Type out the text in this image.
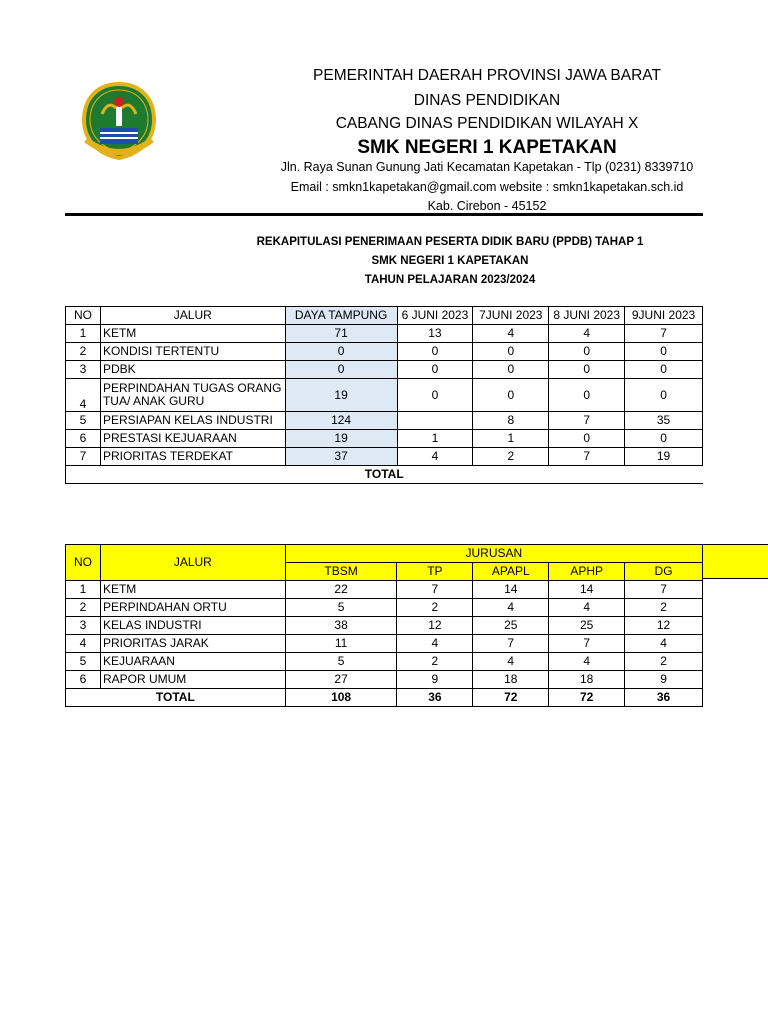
PEMERINTAH DAERAH PROVINSI JAWA BARAT
DINAS PENDIDIKAN
CABANG DINAS PENDIDIKAN WILAYAH X
SMK NEGERI 1 KAPETAKAN
Jln. Raya Sunan Gunung Jati Kecamatan Kapetakan - Tlp (0231) 8339710
Email : smkn1kapetakan@gmail.com website : smkn1kapetakan.sch.id
Kab. Cirebon - 45152
REKAPITULASI PENERIMAAN PESERTA DIDIK BARU (PPDB) TAHAP 1
SMK NEGERI 1 KAPETAKAN
TAHUN PELAJARAN 2023/2024
NO	JALUR	DAYA TAMPUNG	6 JUNI 2023	7JUNI 2023	8 JUNI 2023	9JUNI 2023
1	KETM	71	13	4	4	7
2	KONDISI TERTENTU	0	0	0	0	0
3	PDBK	0	0	0	0	0
4	PERPINDAHAN TUGAS ORANG TUA/ ANAK GURU	19	0	0	0	0
5	PERSIAPAN KELAS INDUSTRI	124		8	7	35
6	PRESTASI KEJUARAAN	19	1	1	0	0
7	PRIORITAS TERDEKAT	37	4	2	7	19
TOTAL						
NO	JALUR	JURUSAN				
		TBSM	TP	APAPL	APHP	DG
1	KETM	22	7	14	14	7
2	PERPINDAHAN ORTU	5	2	4	4	2
3	KELAS INDUSTRI	38	12	25	25	12
4	PRIORITAS JARAK	11	4	7	7	4
5	KEJUARAAN	5	2	4	4	2
6	RAPOR UMUM	27	9	18	18	9
TOTAL		108	36	72	72	36
